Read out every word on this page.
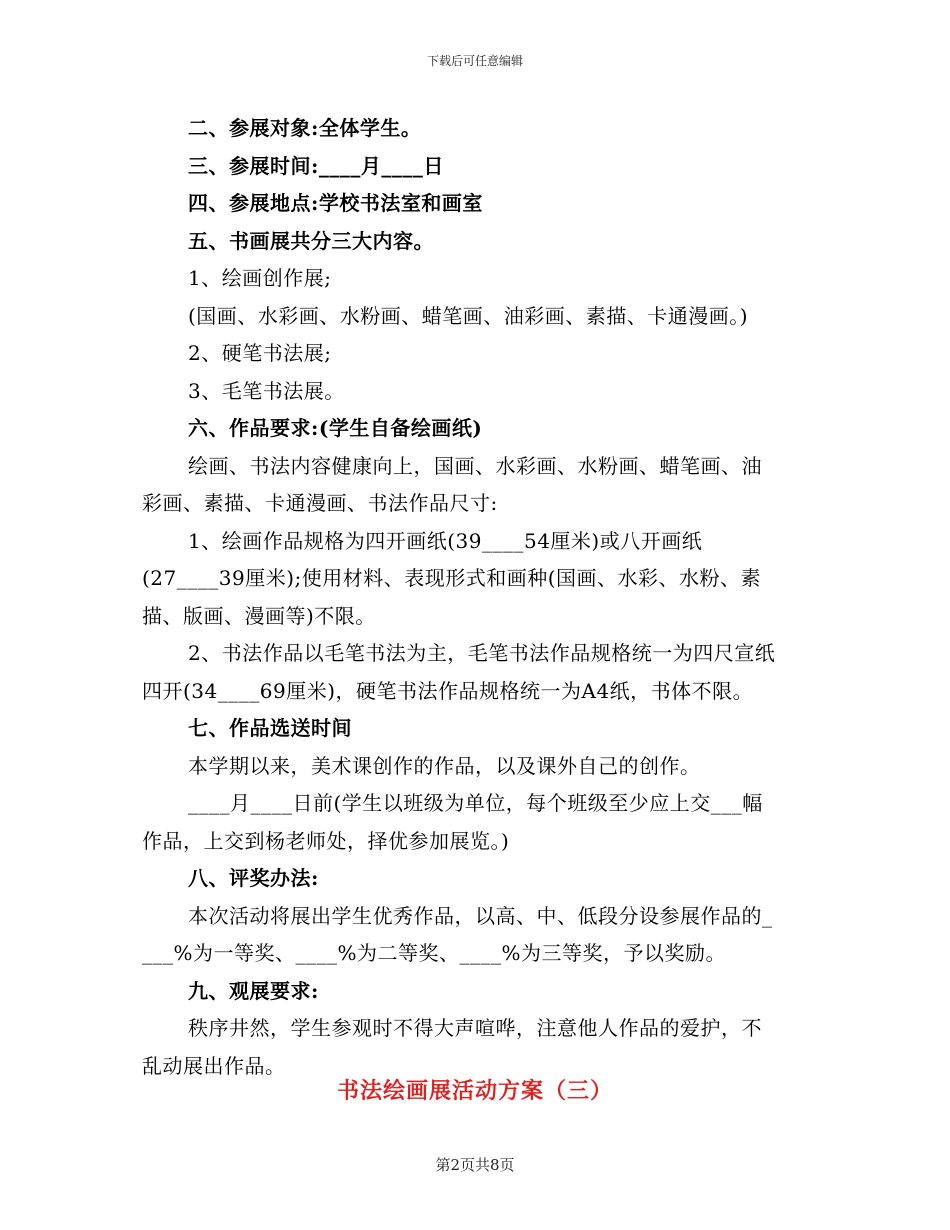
下载后可任意编辑

二、参展对象:全体学生。

三、参展时间:____月____日

四、参展地点:学校书法室和画室

五、书画展共分三大内容。

1、绘画创作展;

(国画、水彩画、水粉画、蜡笔画、油彩画、素描、卡通漫画。)

2、硬笔书法展;

3、毛笔书法展。

六、作品要求:(学生自备绘画纸)

绘画、书法内容健康向上，国画、水彩画、水粉画、蜡笔画、油

彩画、素描、卡通漫画、书法作品尺寸:

1、绘画作品规格为四开画纸(39____54厘米)或八开画纸

(27____39厘米);使用材料、表现形式和画种(国画、水彩、水粉、素

描、版画、漫画等)不限。

2、书法作品以毛笔书法为主，毛笔书法作品规格统一为四尺宣纸

四开(34____69厘米)，硬笔书法作品规格统一为A4纸，书体不限。

七、作品选送时间

本学期以来，美术课创作的作品，以及课外自己的创作。

____月____日前(学生以班级为单位，每个班级至少应上交___幅

作品，上交到杨老师处，择优参加展览。)

八、评奖办法:

本次活动将展出学生优秀作品，以高、中、低段分设参展作品的_

___%为一等奖、____%为二等奖、____%为三等奖，予以奖励。

九、观展要求:

秩序井然，学生参观时不得大声喧哗，注意他人作品的爱护，不

乱动展出作品。

书法绘画展活动方案（三）
第2页共8页
